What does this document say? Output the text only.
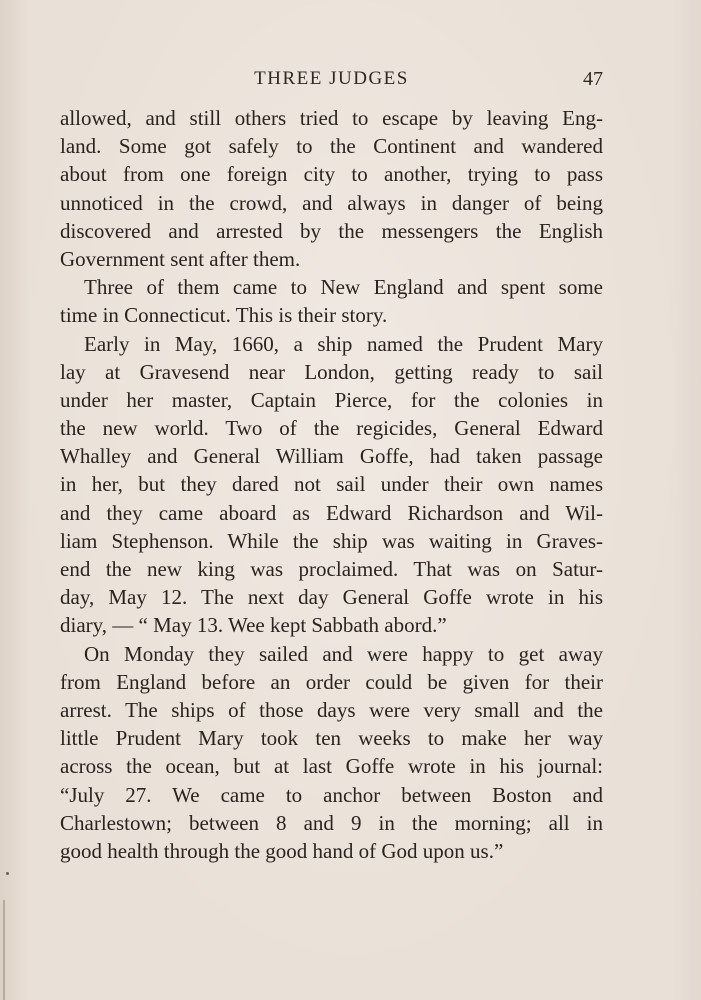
THREE JUDGES	47
allowed, and still others tried to escape by leaving Eng-
land. Some got safely to the Continent and wandered
about from one foreign city to another, trying to pass
unnoticed in the crowd, and always in danger of being
discovered and arrested by the messengers the English
Government sent after them.
Three of them came to New England and spent some
time in Connecticut. This is their story.
Early in May, 1660, a ship named the Prudent Mary
lay at Gravesend near London, getting ready to sail
under her master, Captain Pierce, for the colonies in
the new world. Two of the regicides, General Edward
Whalley and General William Goffe, had taken passage
in her, but they dared not sail under their own names
and they came aboard as Edward Richardson and Wil-
liam Stephenson. While the ship was waiting in Graves-
end the new king was proclaimed. That was on Satur-
day, May 12. The next day General Goffe wrote in his
diary, — “ May 13. Wee kept Sabbath abord.”
On Monday they sailed and were happy to get away
from England before an order could be given for their
arrest. The ships of those days were very small and the
little Prudent Mary took ten weeks to make her way
across the ocean, but at last Goffe wrote in his journal:
“July 27. We came to anchor between Boston and
Charlestown; between 8 and 9 in the morning; all in
good health through the good hand of God upon us.”
